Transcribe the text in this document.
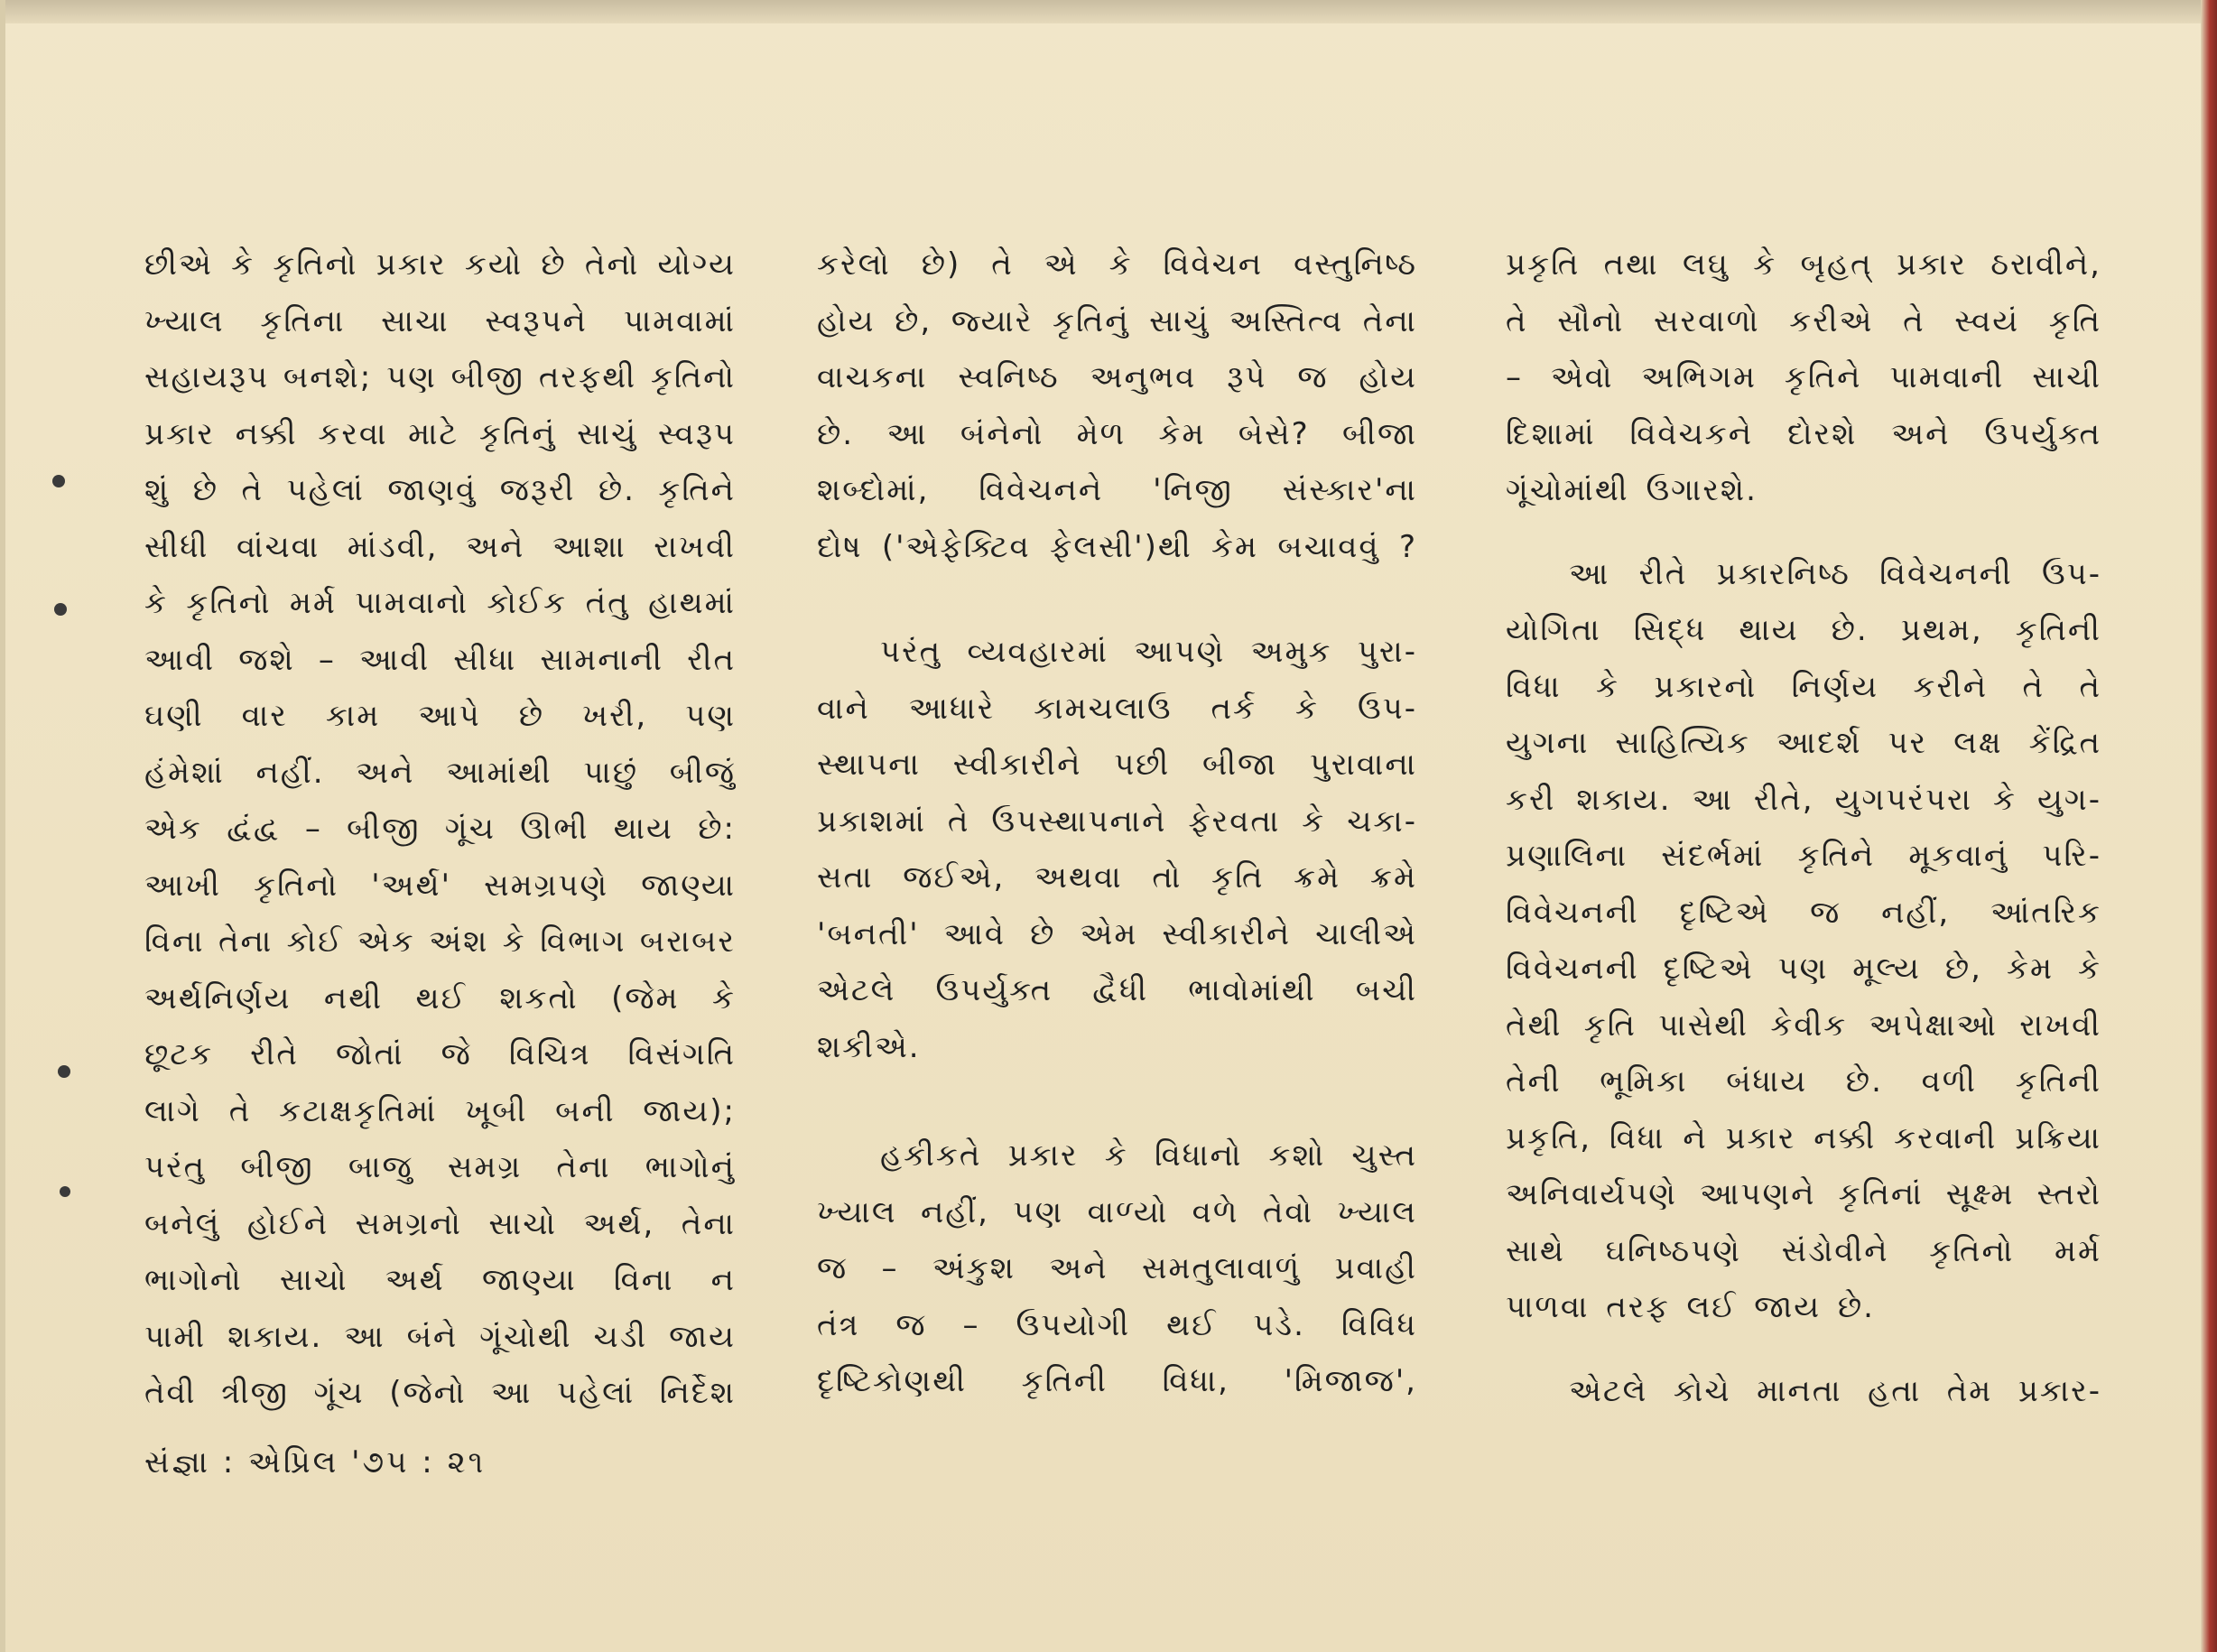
છીએ કે કૃતિનો પ્રકાર કયો છે તેનો યોગ્ય
ખ્યાલ કૃતિના સાચા સ્વરૂપને પામવામાં
સહાયરૂપ બનશે; પણ બીજી તરફથી કૃતિનો
પ્રકાર નક્કી કરવા માટે કૃતિનું સાચું સ્વરૂપ
શું છે તે પહેલાં જાણવું જરૂરી છે. કૃતિને
સીધી વાંચવા માંડવી, અને આશા રાખવી
કે કૃતિનો મર્મ પામવાનો કોઈક તંતુ હાથમાં
આવી જશે – આવી સીધા સામનાની રીત
ઘણી વાર કામ આપે છે ખરી, પણ
હંમેશાં નહીં. અને આમાંથી પાછું બીજું
એક દ્વંદ્વ – બીજી ગૂંચ ઊભી થાય છે:
આખી કૃતિનો 'અર્થ' સમગ્રપણે જાણ્યા
વિના તેના કોઈ એક અંશ કે વિભાગ બરાબર
અર્થનિર્ણય નથી થઈ શકતો (જેમ કે
છૂટક રીતે જોતાં જે વિચિત્ર વિસંગતિ
લાગે તે કટાક્ષકૃતિમાં ખૂબી બની જાય);
પરંતુ બીજી બાજુ સમગ્ર તેના ભાગોનું
બનેલું હોઈને સમગ્રનો સાચો અર્થ, તેના
ભાગોનો સાચો અર્થ જાણ્યા વિના ન
પામી શકાય. આ બંને ગૂંચોથી ચડી જાય
તેવી ત્રીજી ગૂંચ (જેનો આ પહેલાં નિર્દેશ
કરેલો છે) તે એ કે વિવેચન વસ્તુનિષ્ઠ
હોય છે, જ્યારે કૃતિનું સાચું અસ્તિત્વ તેના
વાચકના સ્વનિષ્ઠ અનુભવ રૂપે જ હોય
છે. આ બંનેનો મેળ કેમ બેસે? બીજા
શબ્દોમાં, વિવેચનને 'નિજી સંસ્કાર'ના
દોષ ('એફેક્ટિવ ફેલસી')થી કેમ બચાવવું ?
પરંતુ વ્યવહારમાં આપણે અમુક પુરા-
વાને આધારે કામચલાઉ તર્ક કે ઉપ-
સ્થાપના સ્વીકારીને પછી બીજા પુરાવાના
પ્રકાશમાં તે ઉપસ્થાપનાને ફેરવતા કે ચકા-
સતા જઈએ, અથવા તો કૃતિ ક્રમે ક્રમે
'બનતી' આવે છે એમ સ્વીકારીને ચાલીએ
એટલે ઉપર્યુક્ત દ્વૈધી ભાવોમાંથી બચી
શકીએ.
હકીકતે પ્રકાર કે વિધાનો કશો ચુસ્ત
ખ્યાલ નહીં, પણ વાળ્યો વળે તેવો ખ્યાલ
જ – અંકુશ અને સમતુલાવાળું પ્રવાહી
તંત્ર જ – ઉપયોગી થઈ પડે. વિવિધ
દૃષ્ટિકોણથી કૃતિની વિધા, 'મિજાજ',
પ્રકૃતિ તથા લઘુ કે બૃહત્ પ્રકાર ઠરાવીને,
તે સૌનો સરવાળો કરીએ તે સ્વયં કૃતિ
– એવો અભિગમ કૃતિને પામવાની સાચી
દિશામાં વિવેચકને દોરશે અને ઉપર્યુક્ત
ગૂંચોમાંથી ઉગારશે.
આ રીતે પ્રકારનિષ્ઠ વિવેચનની ઉપ-
યોગિતા સિદ્ધ થાય છે. પ્રથમ, કૃતિની
વિધા કે પ્રકારનો નિર્ણય કરીને તે તે
યુગના સાહિત્યિક આદર્શ પર લક્ષ કેંદ્રિત
કરી શકાય. આ રીતે, યુગપરંપરા કે યુગ-
પ્રણાલિના સંદર્ભમાં કૃતિને મૂકવાનું પરિ-
વિવેચનની દૃષ્ટિએ જ નહીં, આંતરિક
વિવેચનની દૃષ્ટિએ પણ મૂલ્ય છે, કેમ કે
તેથી કૃતિ પાસેથી કેવીક અપેક્ષાઓ રાખવી
તેની ભૂમિકા બંધાય છે. વળી કૃતિની
પ્રકૃતિ, વિધા ને પ્રકાર નક્કી કરવાની પ્રક્રિયા
અનિવાર્યપણે આપણને કૃતિનાં સૂક્ષ્મ સ્તરો
સાથે ઘનિષ્ઠપણે સંડોવીને કૃતિનો મર્મ
પાળવા તરફ લઈ જાય છે.
એટલે કોચે માનતા હતા તેમ પ્રકાર-
સંજ્ઞા : એપ્રિલ '૭૫ : ૨૧
